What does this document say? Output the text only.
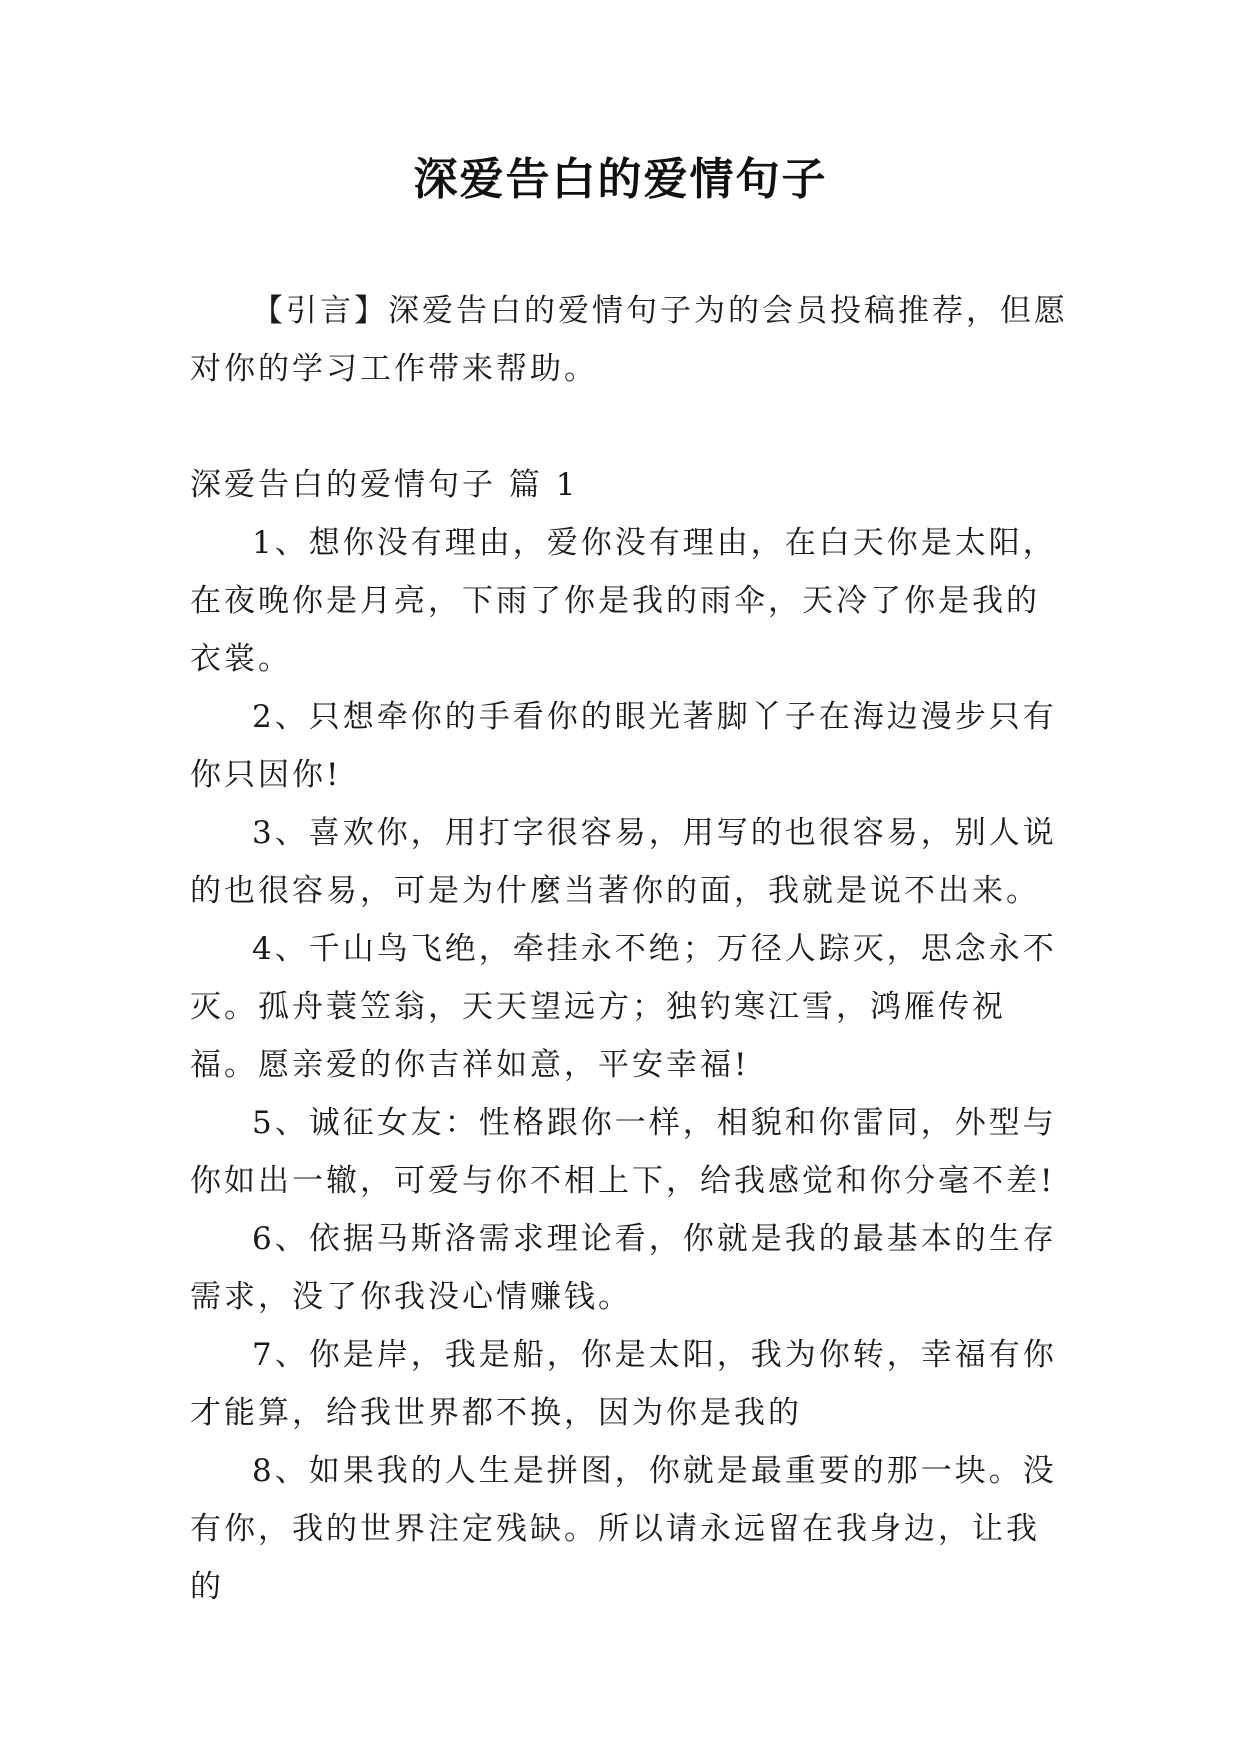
深爱告白的爱情句子

【引言】深爱告白的爱情句子为的会员投稿推荐，但愿对你的学习工作带来帮助。

深爱告白的爱情句子 篇 1

1、想你没有理由，爱你没有理由，在白天你是太阳，在夜晚你是月亮，下雨了你是我的雨伞，天冷了你是我的衣裳。

2、只想牵你的手看你的眼光著脚丫子在海边漫步只有你只因你!

3、喜欢你，用打字很容易，用写的也很容易，别人说的也很容易，可是为什麼当著你的面，我就是说不出来。

4、千山鸟飞绝，牵挂永不绝；万径人踪灭，思念永不灭。孤舟蓑笠翁，天天望远方；独钓寒江雪，鸿雁传祝福。愿亲爱的你吉祥如意，平安幸福!

5、诚征女友：性格跟你一样，相貌和你雷同，外型与你如出一辙，可爱与你不相上下，给我感觉和你分毫不差!

6、依据马斯洛需求理论看，你就是我的最基本的生存需求，没了你我没心情赚钱。

7、你是岸，我是船，你是太阳，我为你转，幸福有你才能算，给我世界都不换，因为你是我的

8、如果我的人生是拼图，你就是最重要的那一块。没有你，我的世界注定残缺。所以请永远留在我身边，让我的
